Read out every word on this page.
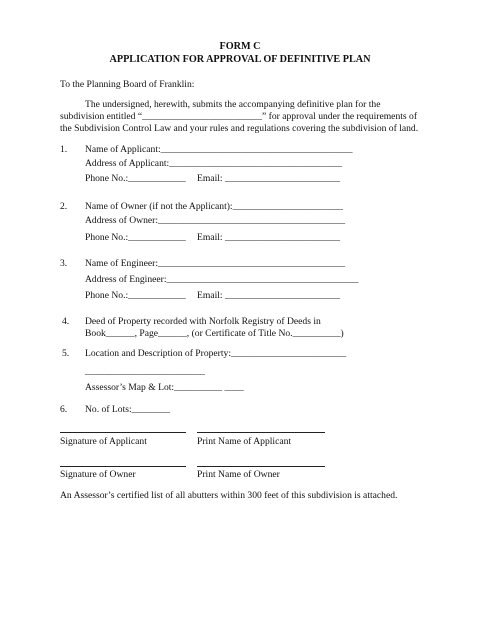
FORM C
APPLICATION FOR APPROVAL OF DEFINITIVE PLAN
To the Planning Board of Franklin:
The undersigned, herewith, submits the accompanying definitive plan for the subdivision entitled “_________________________” for approval under the requirements of the Subdivision Control Law and your rules and regulations covering the subdivision of land.
1. Name of Applicant:________________________________________
Address of Applicant:____________________________________
Phone No.:____________ Email: ________________________
2. Name of Owner (if not the Applicant):_______________________
Address of Owner:_______________________________________
Phone No.:____________ Email: ________________________
3. Name of Engineer:_______________________________________
Address of Engineer:________________________________________
Phone No.:____________ Email: ________________________
4. Deed of Property recorded with Norfolk Registry of Deeds in
Book______, Page______, (or Certificate of Title No.__________)
5. Location and Description of Property:________________________
_________________________
Assessor’s Map & Lot:__________ ____
6. No. of Lots:________
Signature of Applicant	Print Name of Applicant
Signature of Owner	Print Name of Owner
An Assessor’s certified list of all abutters within 300 feet of this subdivision is attached.
